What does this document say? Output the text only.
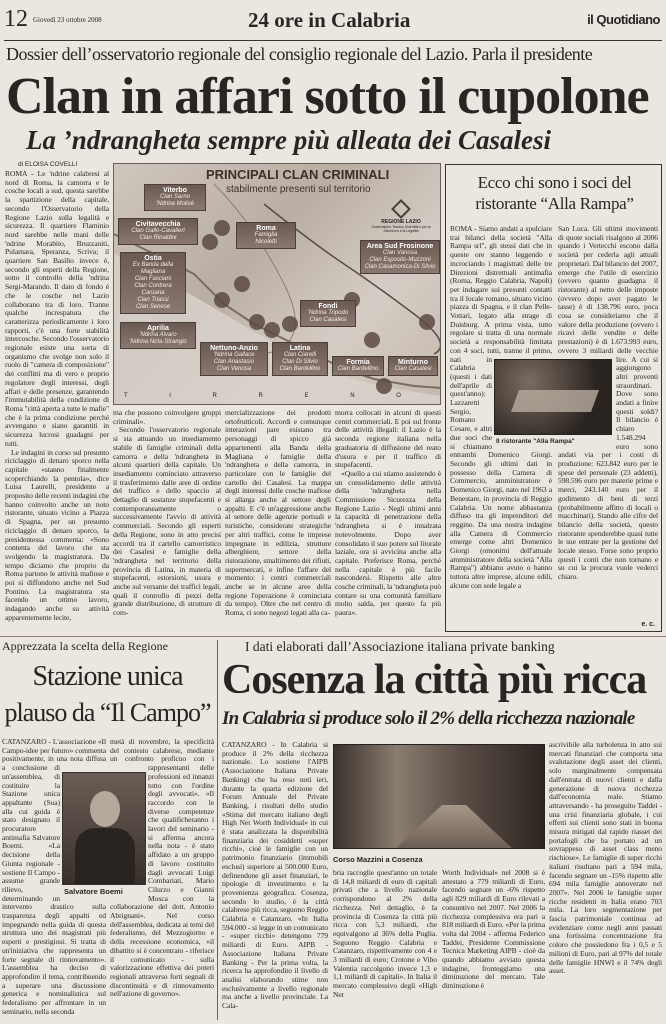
12 Giovedì 23 ottobre 2008	24 ore in Calabria	il Quotidiano
Dossier dell’osservatorio regionale del consiglio regionale del Lazio. Parla il presidente
Clan in affari sotto il cupolone
La ’ndrangheta sempre più alleata dei Casalesi
di ELOISA COVELLI

ROMA - Le 'ndrine calabresi al nord di Roma, la camorra e le cosche locali a sud, questa sarebbe la spartizione della capitale, secondo l'Osservatorio della Regione Lazio sulla legalità e sicurezza. Il quartiere Flaminio nord sarebbe nelle mani delle 'ndrine Morabito, Bruzzaniti, Pulamara, Speranza, Scriva; il quartiere San Basilio invece è, secondo gli esperti della Regione, sotto il controllo della 'ndrina Sergi-Marando. Il dato di fondo è che le cosche nel Lazio collaborano tra di loro. Tranne qualche increspatura che caratterizza periodicamente i loro rapporti, c'è una forte stabilità intercosche. Secondo l'osservatorio regionale esiste una sorta di organismo che svolge non solo il ruolo di "camera di composizione" dei conflitti ma di vero e proprio regolatore degli interessi, degli affari e delle presenze, garantendo l'immutabilità della condizione di Roma "città aperta a tutte le mafie" che è la prima condizione perché avvengano e siano garantiti in sicurezza lucrosi guadagni per tutti.

Le indagini in corso sul presunto riciclaggio di denaro sporco nella capitale «stanno finalmente scoperchiando la pentola», dice Luisa Laurelli, presidente a proposito delle recenti indagini che hanno coinvolto anche un noto ristorante, situato vicino a Piazza di Spagna, per un presunto riciclaggio di denaro sporco, la presidentessa commenta: «Sono contenta del lavoro che sta svolgendo la magistratura. Da tempo diciamo che proprio da Roma partono le attività mafiose e poi si diffondono anche nel Sud Pontino. La magistratura sta facendo un ottimo lavoro, indagando anche su attività apparentemente lecite,

PRINCIPALI CLAN CRIMINALI
stabilmente presenti sul territorio
REGIONE LAZIO
Osservatorio Tecnico Scientifico per la Sicurezza e la Legalità
Viterbo
Clan Sarno
'Ndrina Molisè
Civitavecchia
Clan Gallo-Cavalieri
Clan Rinaldini
Roma
Famiglia
Nicoletti
Area Sud Frosinone
Clan Vanosa
Clan Esposito-Muzzoni
Clan Casamonica-Di Silvio
Ostia
Ex Banda della Magliana
Clan Fasciani
Clan Contrera
Caruana
Clan Triassi
Clan Senese	Fondi
'Ndrina Tripodo
Clan Casalesi
Aprilia
'Ndrina Alvaro
'Ndrina Nirta-Strangio
Nettuno-Anzio
'Ndrina Gallace
Clan Anastasio
Clan Venosa
Latina
Clan Ciarelli
Clan Di Silvio
Clan Bardellino
Formia
Clan Bardellino
Minturno
Clan Casalesi
T I R R E N O

ma che possono coinvolgere gruppi criminali».

Secondo l'osservatorio regionale si sta attuando un insediamento stabile di famiglie criminali della camorra e della 'ndrangheta in alcuni quartieri della capitale. Un insediamento cominciato attraverso il trasferimento dalle aree di ordine del traffico e dello spaccio al dettaglio di sostanze stupefacenti e contemporaneamente o successivamente l'avvio di attività commerciali. Secondo gli esperti della Regione, sono in atto precisi accordi tra il cartello camorristico dei Casalesi e famiglie della 'ndrangheta nel territorio della provincia di Latina, in materia di stupefacenti, estorsioni, usura e anche sul versante dei traffici legali, quali il controllo di pezzi della grande distribuzione, di strutture di com-

mercializzazione dei prodotti ortofrutticoli. Accordi e comunque interazioni pare esistano tra personaggi di spicco già appartenenti alla Banda della Magliana e famiglie della 'ndrangheta e della camorra, in particolare con le famiglie del cartello dei Casalesi. La mappa degli interessi delle cosche mafiose si allarga anche al settore degli appalti. E c'è un'aggressione anche al settore delle agenzie portuali e turistiche, considerate strategiche per altri traffici, come le imprese impegnate in edilizia, strutture alberghiere, settore della ristorazione, smaltimento dei rifiuti, supermercati, e infine l'affare del momento: i centri commerciali anche se in alcune aree della regione l'operazione è cominciata da tempo). Oltre che nel centro di Roma, ci sono negozi legati alla ca-

morra collocati in alcuni di questi centri commerciali. E poi sul fronte delle attività illegali: il Lazio è la seconda regione italiana nella graduatoria di diffusione del reato d'usura e per il traffico di stupefacenti.

«Quello a cui stiamo assistendo è un consolidamento delle attività della 'ndrangheta nella Commissione Sicurezza della Regione Lazio - Negli ultimi anni la capacità di penetrazione della 'ndrangheta si è innalzata notevolmente. Dopo aver consolidato il suo potere sul litorale laziale, ora si avvicina anche alla capitale. Preferisce Roma, perché nella capitale è più facile nascondersi. Rispetto alle altre cosche criminali, la 'ndrangheta può contare su una comunità familiare molto salda, per questo fa più paura».

Ecco chi sono i soci del ristorante “Alla Rampa”

ROMA - Siamo andati a spulciare trai bilanci della società "Alla Rampa srl", gli stessi dati che in queste ore stanno leggendo e incrociando i magistrati delle tre Direzioni distrettuali antimafia (Roma, Reggio Calabria, Napoli) per indagare sui presunti contatti tra il locale romano, situato vicino piazza di Spagna, e il clan Pelle-Vottari, legato alla strage di Duisburg. A prima vista, tutto regolare si tratta di una normale società a responsabilità limitata con 4 soci, tutti, tranne il primo, nati in Calabria (questi i dati dell'aprile di quest'anno): Lazzaretti Sergio, Romano Cesare, e altri due soci che si chiamano entrambi Domenico Giorgi. Secondo gli ultimi dati in possesso della Camera di Commercio, amministratore è Domenico Giorgi, nato nel 1963 a Benestare, in provincia di Reggio Calabria. Un nome abbastanza diffuso tra gli imprenditori del reggino. Da una nostra indagine alla Camera di Commercio emerge come altri Domenico Giorgi (omonimi dell'attuale amministratore della società "Alla Rampa") abbiano avuto o hanno tuttora altre imprese, alcune edili, alcune con sede legale a

San Luca. Gli ultimi movimenti di quote sociali risalgono al 2006 quando i Vertecchi escono dalla società per cederla agli attuali proprietari. Dal bilancio del 2007, emerge che l'utile di esercizio (ovvero quanto guadagna il ristorante) al netto delle imposte (ovvero dopo aver pagato le tasse) è di 138.796 euro, poca cosa se consideriamo che il valore della produzione (ovvero i ricavi delle vendite e delle prestazioni) è di 1.673.993 euro, ovvero 3 miliardi delle vecchie lire. A cui si aggiungono altri proventi straordinari. Dove sono andati a finire questi soldi? Il bilancio è chiaro 1.548.294 euro sono andati via per i costi di produzione: 623.842 euro per le spese del personale (23 addetti), 598.596 euro per materie prime e merci, 243.140 euro per il godimento di beni di terzi (probabilmente affitto di locali o macchinari). Stando alle cifre del bilancio della società, questo ristorante spenderebbe quasi tutte le sue entrate per la gestione del locale stesso. Forse sono proprio questi i conti che non tornano e su cui la procura vuole vederci chiaro.

Il ristorante "Alla Rampa"
e. c.
Apprezzata la scelta della Regione
Stazione unica
plauso da “Il Campo”

CATANZARO - L'associazione «Il Campo-idee per futuro» commenta positivamente, in una nota diffusa a conclusione di un'assemblea, di costituire la Stazione unica appaltante (Sua) alla cui guida è stato designato il procuratore antimafia Salvatore Boemi. «La decisione della Giunta regionale - sostiene Il Campo - assume grande rilievo, determinando un intervento drastico sulla trasparenza degli appalti ed impegnando nella guida di questa struttura uno dei magistrati più esperti e prestigiosi. Si tratta di un'iniziativa che rappresenta un forte segnale di rinnovamento». L'assemblea ha deciso di approfondire il tema, contribuendo a superare una discussione generica e nominalistica sul federalismo per affrontare in un seminario, nella seconda

metà di novembre, la specificità del contesto calabrese, mediante un confronto proficuo con i rappresentanti delle professioni ed innanzi tutto con l'ordine degli avvocati». «Il raccordo con le diverse competenze che qualificheranno i lavori del seminario - si afferma ancora nella nota - è stato affidato a un gruppo di lavoro costituito dagli avvocati Luigi Combariati, Mario Cilurzo e Gianni Mosca con la collaborazione del dott. Antonio Abrignani». Nel corso dell'assemblea, dedicata ai temi del federalismo, del Mezzogiorno e della recessione economica, «il dibattito si è concentrato - riferisce il comunicato - sulla valorizzazione effettiva dei poteri regionali attraverso forti segnali di discontinuità e di rinnovamento nell'azione di governo».

Salvatore Boemi
I dati elaborati dall’Associazione italiana private banking
Cosenza la città più ricca
In Calabria si produce solo il 2% della ricchezza nazionale

CATANZARO - In Calabria si produce il 2% della ricchezza nazionale. Lo sostiene l'AIPB (Associazione Italiana Private Banking) che ha reso noti ieri, durante la quarta edizione del Forum Annuale del Private Banking, i risultati dello studio «Stima del mercato italiano degli High Net Worth Individual» in cui è stata analizzata la disponibilità finanziaria dei cosiddetti «super ricchi», cioè le famiglie con un patrimonio finanziario (immobili esclusi) superiore ai 500.000 Euro, definendone gli asset finanziari, le tipologie di investimento e la provenienza geografica. Cosenza, secondo lo studio, è la città calabrese più ricca, seguono Reggio Calabria e Catanzaro. «In Italia 594.000 - si legge in un comunicato - «super ricchi» detengono 779 miliardi di Euro. AIPB - Associazione Italiana Private Banking - Per la prima volta, la ricerca ha approfondito il livello di analisi elaborando stime non esclusivamente a livello regionale ma anche a livello provinciale. La Cala-

Corso Mazzini a Cosenza

bria raccoglie quest'anno un totale di 14,8 miliardi di euro di capitali privati che a livello nazionale corrispondono al 2% della ricchezza. Nel dettaglio, è la provincia di Cosenza la città più ricca con 5,3 miliardi, che equivalgono al 36% della Puglia. Seguono Reggio Calabria e Catanzaro, rispettivamente con 4 e 3 miliardi di euro; Crotone e Vibo Valentia raccolgono invece 1,3 e 1,1 miliardi di capitali». In Italia il mercato complessivo degli «High Net

Worth Individual» nel 2008 si è attestato a 779 miliardi di Euro, facendo segnare un -6% rispetto agli 829 miliardi di Euro rilevati a consuntivo nel 2007. Nel 2006 la ricchezza complessiva era pari a 818 miliardi di Euro. «Per la prima volta dal 2004 - afferma Federico Taddei, Presidente Commissione Tecnica Marketing AIPB - cioè da quando abbiamo avviato questa indagine, fronteggiamo una diminuzione del mercato. Tale diminuzione è

ascrivibile alla turbolenza in atto sui mercati finanziari che comporta una svalutazione degli asset dei clienti, solo marginalmente compensata dall'entrata di nuovi clienti e dalla generazione di nuova ricchezza dall'economia reale. Stiamo attraversando - ha proseguito Taddei - una crisi finanziaria globale, i cui effetti sui clienti sono stati in buona misura mitigati dal rapido riasset dei portafogli che ha portato ad un sovrappeso di asset class meno rischiose». Le famiglie di super ricchi italiani risultano pari a 594 mila, facendo segnare un -15% rispetto alle 694 mila famiglie annoverate nel 2007». Nel 2006 le famiglie super ricche residenti in Italia erano 703 mila. La loro segmentazione per fascia patrimoniale continua ad evidenziare come negli anni passati una fortissima concentrazione fra coloro che possiedono fra i 0,5 e 5 milioni di Euro, pari al 97% del totale delle famiglie HNWI e il 74% degli asset.
